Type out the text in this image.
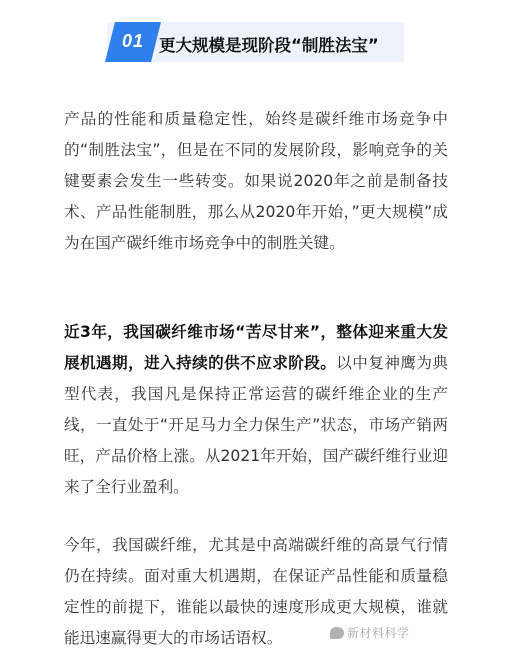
01 更大规模是现阶段“制胜法宝”

产品的性能和质量稳定性，始终是碳纤维市场竞争中的“制胜法宝”，但是在不同的发展阶段，影响竞争的关键要素会发生一些转变。如果说2020年之前是制备技术、产品性能制胜，那么从2020年开始，”更大规模”成为在国产碳纤维市场竞争中的制胜关键。

近3年，我国碳纤维市场“苦尽甘来”，整体迎来重大发展机遇期，进入持续的供不应求阶段。以中复神鹰为典型代表，我国凡是保持正常运营的碳纤维企业的生产线，一直处于“开足马力全力保生产”状态，市场产销两旺，产品价格上涨。从2021年开始，国产碳纤维行业迎来了全行业盈利。

今年，我国碳纤维，尤其是中高端碳纤维的高景气行情仍在持续。面对重大机遇期，在保证产品性能和质量稳定性的前提下，谁能以最快的速度形成更大规模，谁就能迅速赢得更大的市场话语权。	新材料科学
